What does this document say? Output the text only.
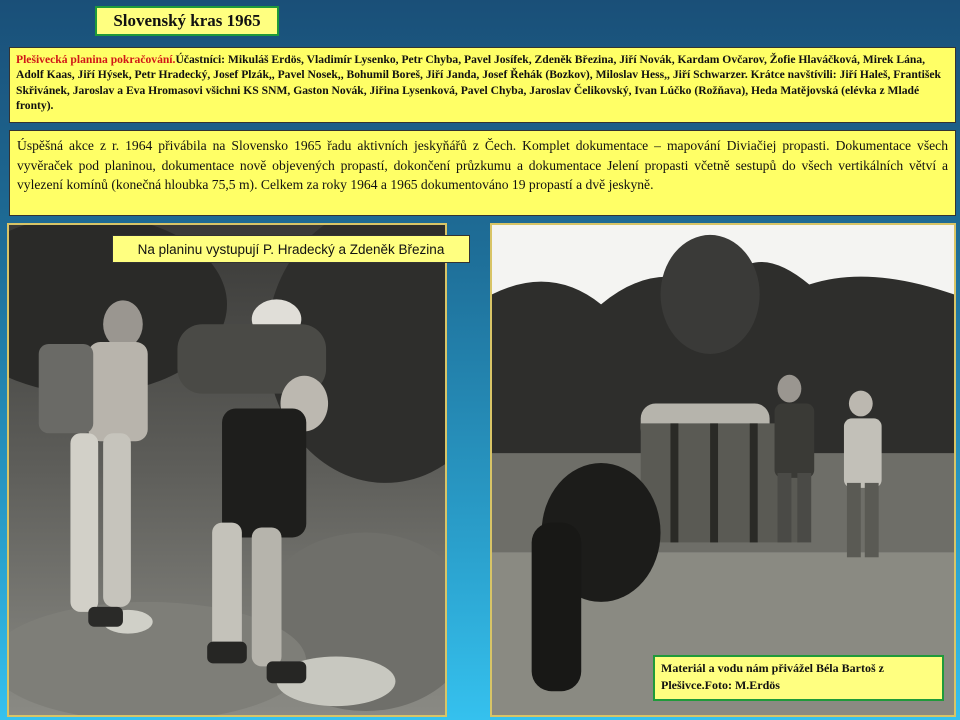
Slovenský kras 1965
Plešivecká planina pokračování.Účastníci: Mikuláš Erdös, Vladimír Lysenko, Petr Chyba, Pavel Josífek, Zdeněk Březina, Jiří Novák, Kardam Ovčarov, Žofie Hlaváčková, Mirek Lána, Adolf Kaas, Jiří Hýsek, Petr Hradecký, Josef Plzák,, Pavel Nosek,, Bohumil Boreš, Jiří Janda, Josef Řehák (Bozkov), Miloslav Hess,, Jiří Schwarzer. Krátce navštívili: Jiří Haleš, František Skřivánek, Jaroslav a Eva Hromasovi všichni KS SNM, Gaston Novák, Jiřina Lysenková, Pavel Chyba, Jaroslav Čelikovský, Ivan Lúčko (Rožňava), Heda Matějovská (elévka z Mladé fronty).
Úspěšná akce z r. 1964 přivábila na Slovensko 1965 řadu aktivních jeskyňářů z Čech. Komplet dokumentace – mapování Diviačiej propasti. Dokumentace všech vyvěraček pod planinou, dokumentace nově objevených propastí, dokončení průzkumu a dokumentace Jelení propasti včetně sestupů do všech vertikálních větví a vylezení komínů (konečná hloubka 75,5 m). Celkem za roky 1964 a 1965 dokumentováno 19 propastí a dvě jeskyně.
Na planinu vystupují P. Hradecký a Zdeněk Březina
Materiál a vodu nám přivážel Béla Bartoš z Plešivce.Foto: M.Erdös
